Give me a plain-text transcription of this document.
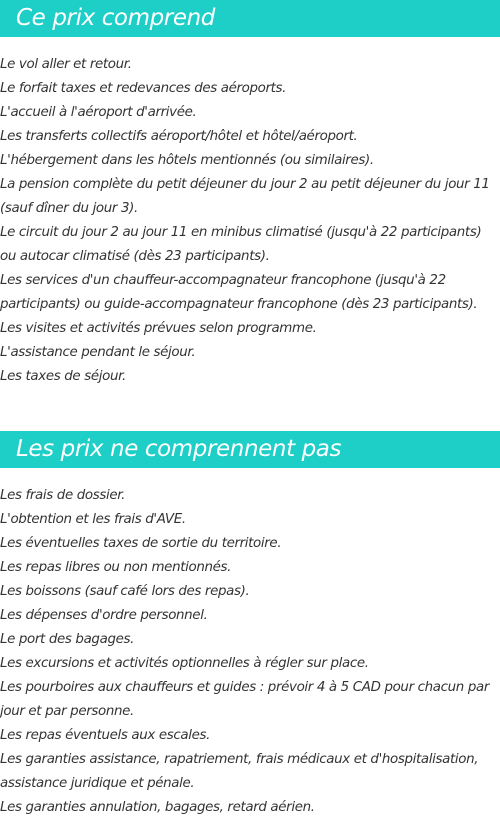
Ce prix comprend
Le vol aller et retour.
Le forfait taxes et redevances des aéroports.
L'accueil à l'aéroport d'arrivée.
Les transferts collectifs aéroport/hôtel et hôtel/aéroport.
L'hébergement dans les hôtels mentionnés (ou similaires).
La pension complète du petit déjeuner du jour 2 au petit déjeuner du jour 11 (sauf dîner du jour 3).
Le circuit du jour 2 au jour 11 en minibus climatisé (jusqu'à 22 participants) ou autocar climatisé (dès 23 participants).
Les services d'un chauffeur-accompagnateur francophone (jusqu'à 22 participants) ou guide-accompagnateur francophone (dès 23 participants).
Les visites et activités prévues selon programme.
L'assistance pendant le séjour.
Les taxes de séjour.
Les prix ne comprennent pas
Les frais de dossier.
L'obtention et les frais d'AVE.
Les éventuelles taxes de sortie du territoire.
Les repas libres ou non mentionnés.
Les boissons (sauf café lors des repas).
Les dépenses d'ordre personnel.
Le port des bagages.
Les excursions et activités optionnelles à régler sur place.
Les pourboires aux chauffeurs et guides : prévoir 4 à 5 CAD pour chacun par jour et par personne.
Les repas éventuels aux escales.
Les garanties assistance, rapatriement, frais médicaux et d'hospitalisation, assistance juridique et pénale.
Les garanties annulation, bagages, retard aérien.
